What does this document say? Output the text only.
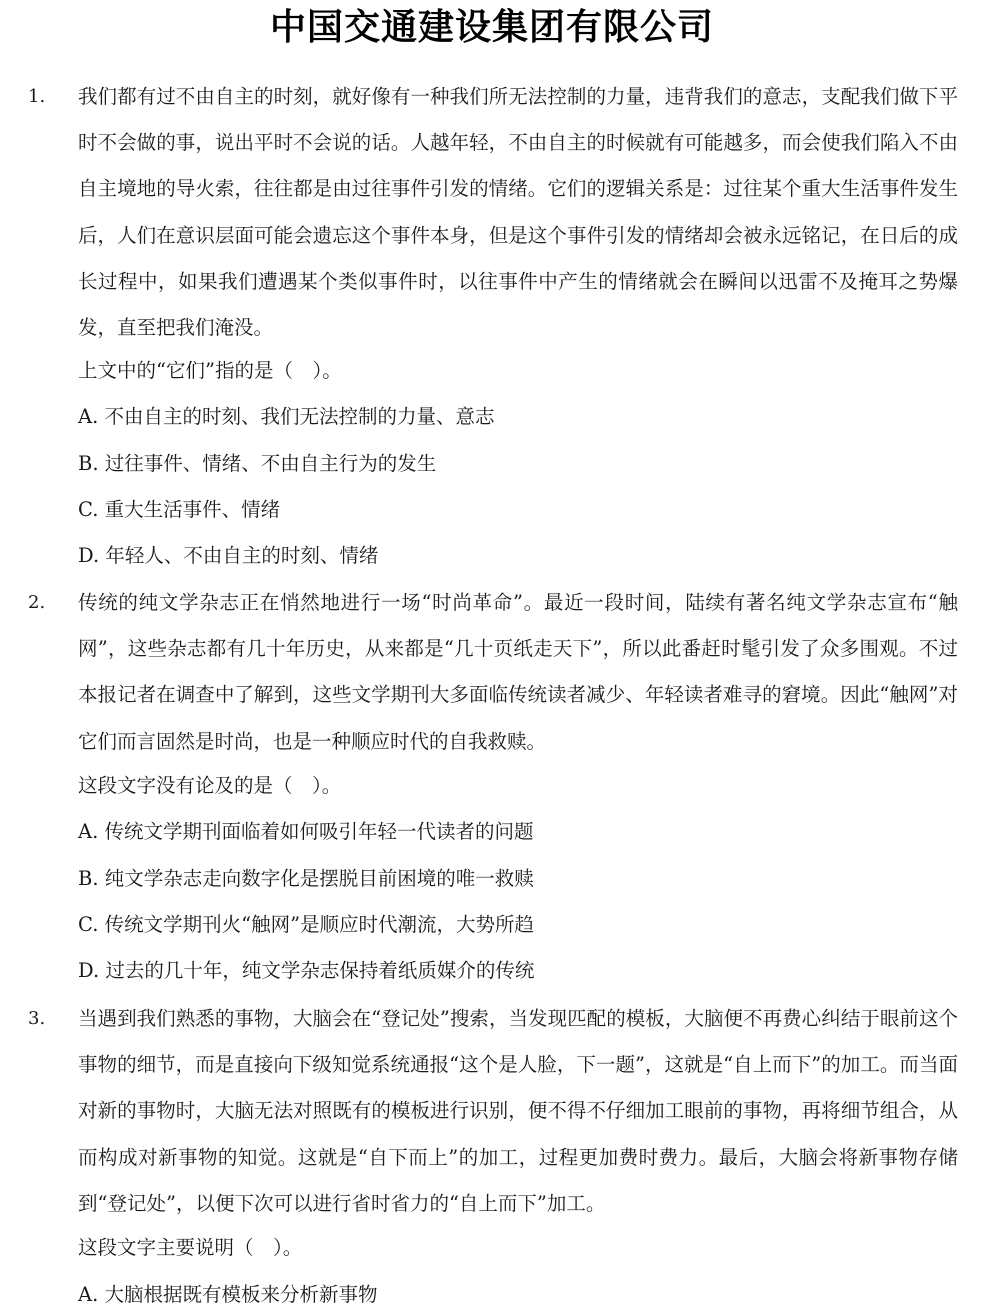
中国交通建设集团有限公司
1.	我们都有过不由自主的时刻，就好像有一种我们所无法控制的力量，违背我们的意志，支配我们做下平时不会做的事，说出平时不会说的话。人越年轻，不由自主的时候就有可能越多，而会使我们陷入不由自主境地的导火索，往往都是由过往事件引发的情绪。它们的逻辑关系是：过往某个重大生活事件发生后，人们在意识层面可能会遗忘这个事件本身，但是这个事件引发的情绪却会被永远铭记，在日后的成长过程中，如果我们遭遇某个类似事件时，以往事件中产生的情绪就会在瞬间以迅雷不及掩耳之势爆发，直至把我们淹没。
上文中的“它们”指的是（　）。
A. 不由自主的时刻、我们无法控制的力量、意志
B. 过往事件、情绪、不由自主行为的发生
C. 重大生活事件、情绪
D. 年轻人、不由自主的时刻、情绪
2.	传统的纯文学杂志正在悄然地进行一场“时尚革命”。最近一段时间，陆续有著名纯文学杂志宣布“触网”，这些杂志都有几十年历史，从来都是“几十页纸走天下”，所以此番赶时髦引发了众多围观。不过本报记者在调查中了解到，这些文学期刊大多面临传统读者减少、年轻读者难寻的窘境。因此“触网”对它们而言固然是时尚，也是一种顺应时代的自我救赎。
这段文字没有论及的是（　）。
A. 传统文学期刊面临着如何吸引年轻一代读者的问题
B. 纯文学杂志走向数字化是摆脱目前困境的唯一救赎
C. 传统文学期刊火“触网”是顺应时代潮流，大势所趋
D. 过去的几十年，纯文学杂志保持着纸质媒介的传统
3.	当遇到我们熟悉的事物，大脑会在“登记处”搜索，当发现匹配的模板，大脑便不再费心纠结于眼前这个事物的细节，而是直接向下级知觉系统通报“这个是人脸，下一题”，这就是“自上而下”的加工。而当面对新的事物时，大脑无法对照既有的模板进行识别，便不得不仔细加工眼前的事物，再将细节组合，从而构成对新事物的知觉。这就是“自下而上”的加工，过程更加费时费力。最后，大脑会将新事物存储到“登记处”，以便下次可以进行省时省力的“自上而下”加工。
这段文字主要说明（　）。
A. 大脑根据既有模板来分析新事物
